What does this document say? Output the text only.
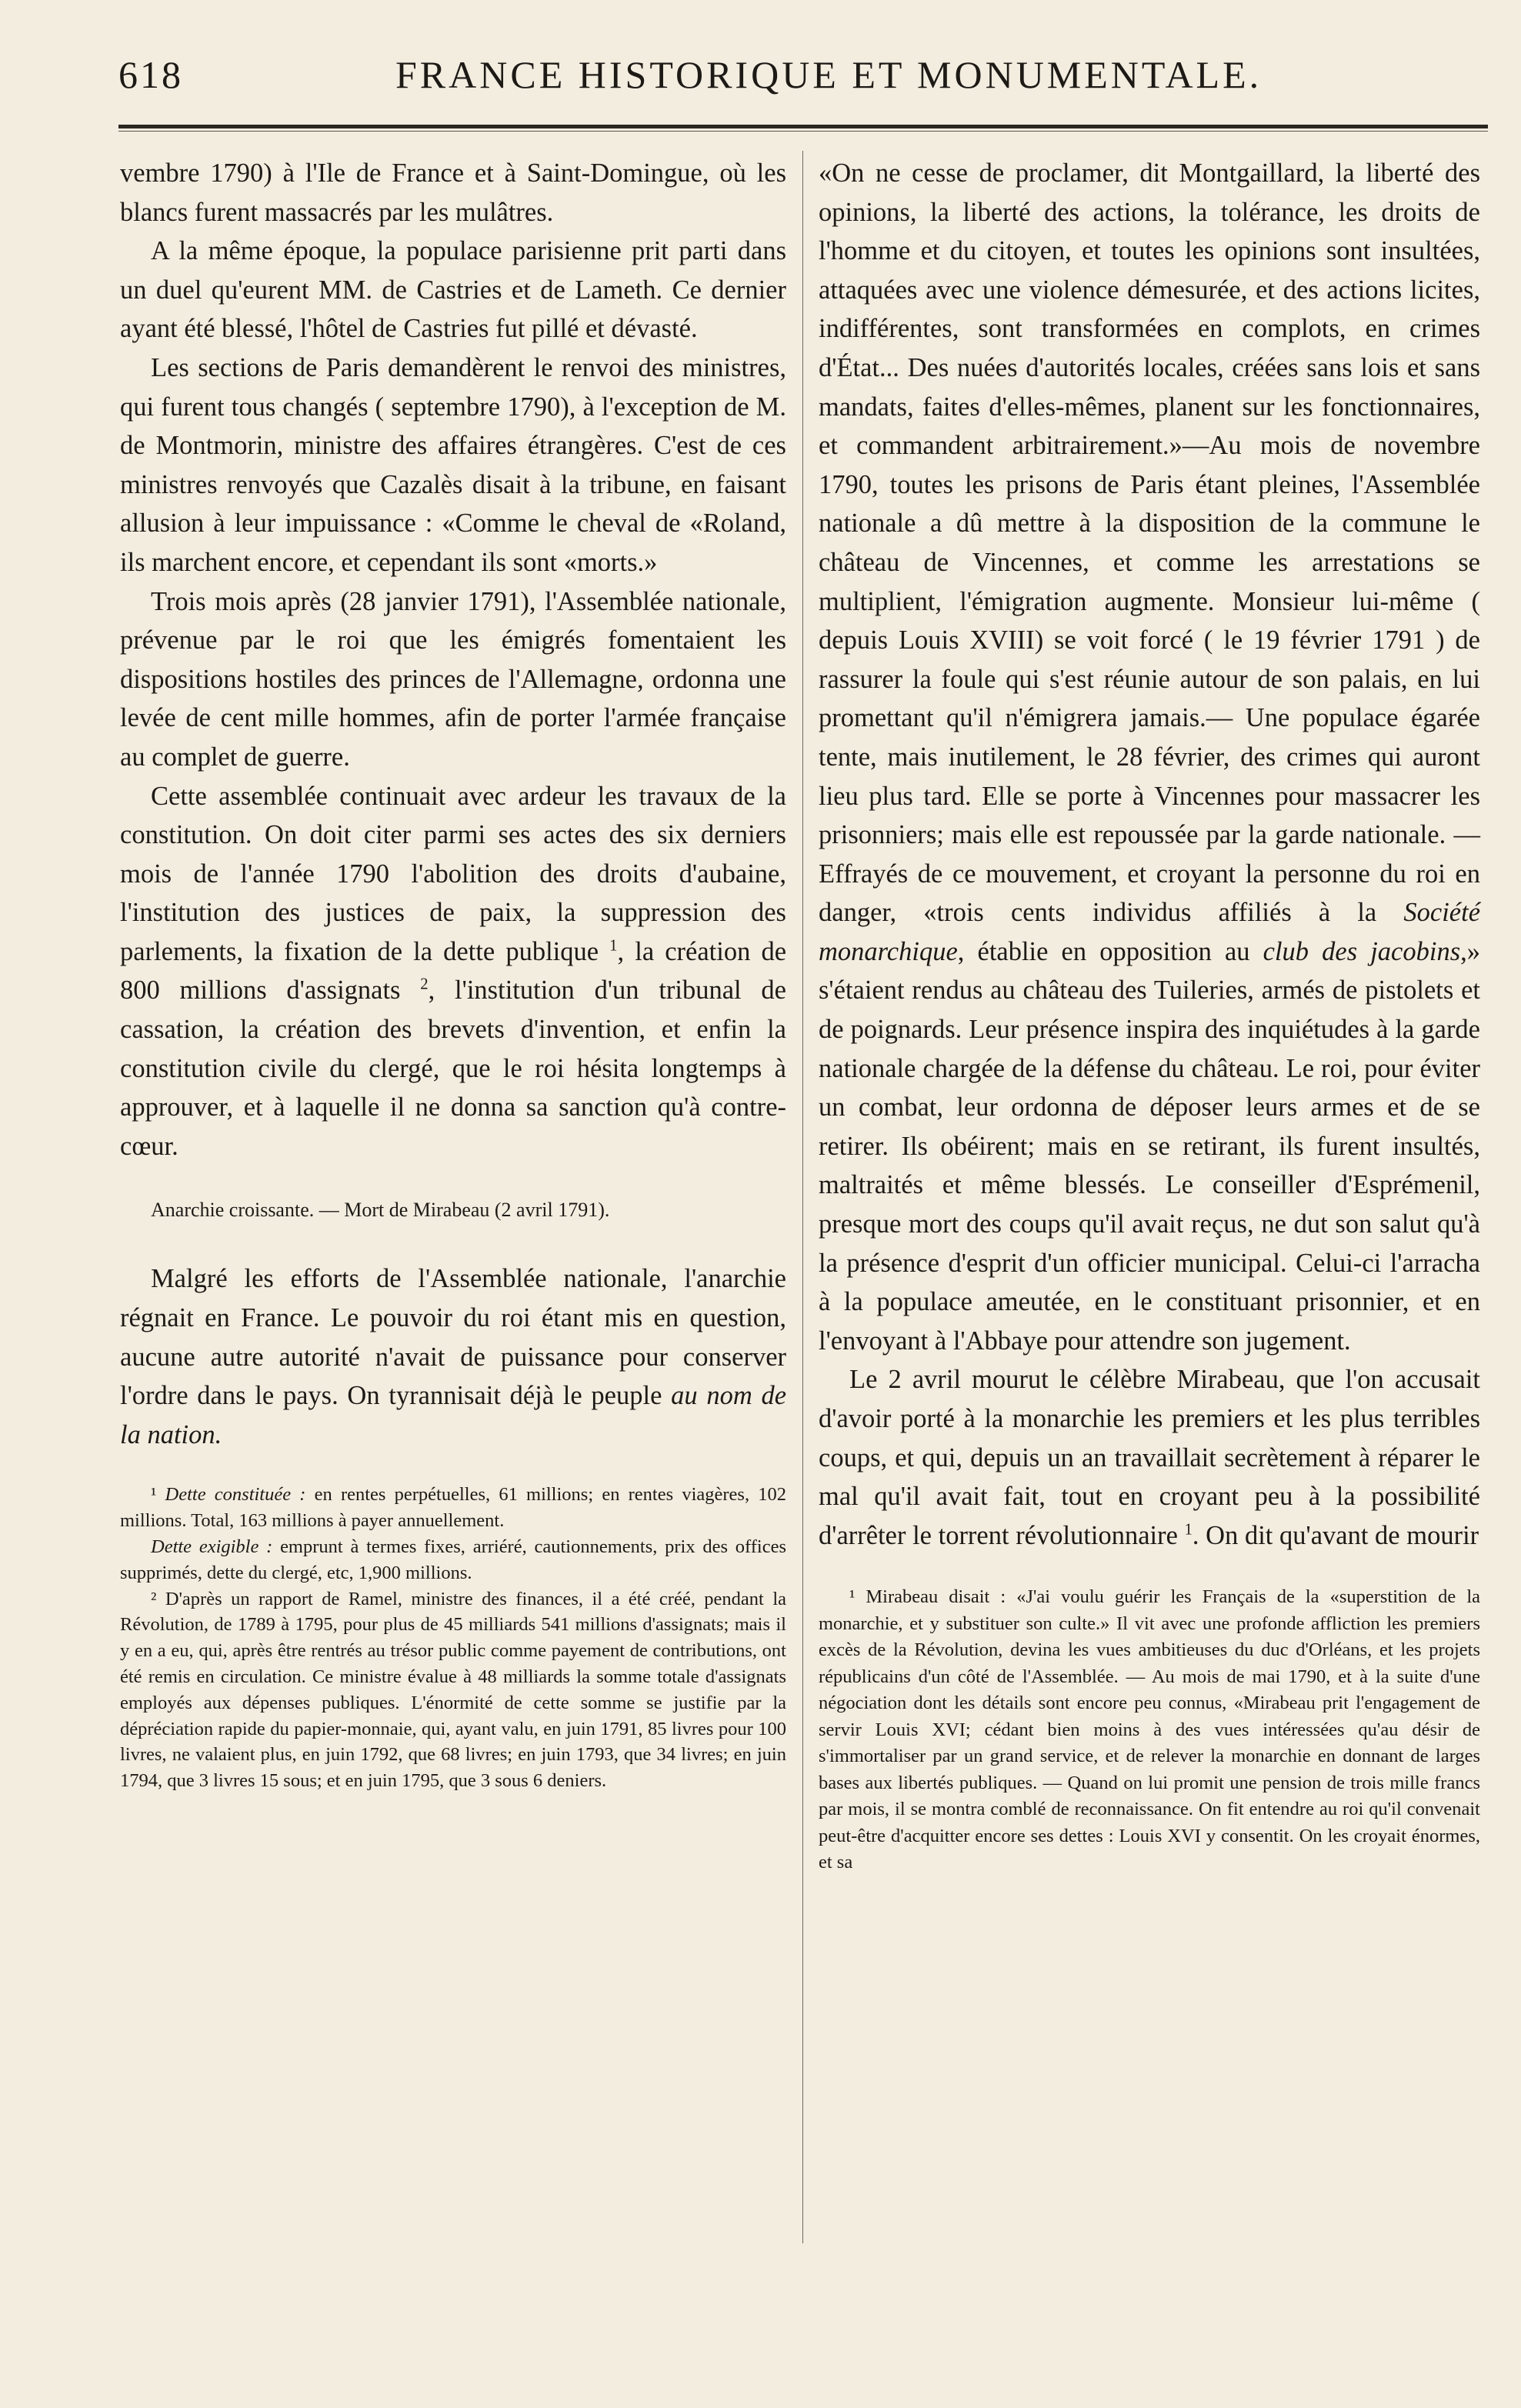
618	FRANCE HISTORIQUE ET MONUMENTALE.

vembre 1790) à l'Ile de France et à Saint-Domingue, où les blancs furent massacrés par les mulâtres.

A la même époque, la populace parisienne prit parti dans un duel qu'eurent MM. de Castries et de Lameth. Ce dernier ayant été blessé, l'hôtel de Castries fut pillé et dévasté.

Les sections de Paris demandèrent le renvoi des ministres, qui furent tous changés ( septembre 1790), à l'exception de M. de Montmorin, ministre des affaires étrangères. C'est de ces ministres renvoyés que Cazalès disait à la tribune, en faisant allusion à leur impuissance : «Comme le cheval de «Roland, ils marchent encore, et cependant ils sont «morts.»

Trois mois après (28 janvier 1791), l'Assemblée nationale, prévenue par le roi que les émigrés fomentaient les dispositions hostiles des princes de l'Allemagne, ordonna une levée de cent mille hommes, afin de porter l'armée française au complet de guerre.

Cette assemblée continuait avec ardeur les travaux de la constitution. On doit citer parmi ses actes des six derniers mois de l'année 1790 l'abolition des droits d'aubaine, l'institution des justices de paix, la suppression des parlements, la fixation de la dette publique $^1$, la création de 800 millions d'assignats $^2$, l'institution d'un tribunal de cassation, la création des brevets d'invention, et enfin la constitution civile du clergé, que le roi hésita longtemps à approuver, et à laquelle il ne donna sa sanction qu'à contre-cœur.

Anarchie croissante. — Mort de Mirabeau (2 avril 1791).

Malgré les efforts de l'Assemblée nationale, l'anarchie régnait en France. Le pouvoir du roi étant mis en question, aucune autre autorité n'avait de puissance pour conserver l'ordre dans le pays. On tyrannisait déjà le peuple au nom de la nation.

¹ Dette constituée : en rentes perpétuelles, 61 millions; en rentes viagères, 102 millions. Total, 163 millions à payer annuellement.

Dette exigible : emprunt à termes fixes, arriéré, cautionnements, prix des offices supprimés, dette du clergé, etc, 1,900 millions.

² D'après un rapport de Ramel, ministre des finances, il a été créé, pendant la Révolution, de 1789 à 1795, pour plus de 45 milliards 541 millions d'assignats; mais il y en a eu, qui, après être rentrés au trésor public comme payement de contributions, ont été remis en circulation. Ce ministre évalue à 48 milliards la somme totale d'assignats employés aux dépenses publiques. L'énormité de cette somme se justifie par la dépréciation rapide du papier-monnaie, qui, ayant valu, en juin 1791, 85 livres pour 100 livres, ne valaient plus, en juin 1792, que 68 livres; en juin 1793, que 34 livres; en juin 1794, que 3 livres 15 sous; et en juin 1795, que 3 sous 6 deniers.

«On ne cesse de proclamer, dit Montgaillard, la liberté des opinions, la liberté des actions, la tolérance, les droits de l'homme et du citoyen, et toutes les opinions sont insultées, attaquées avec une violence démesurée, et des actions licites, indifférentes, sont transformées en complots, en crimes d'État... Des nuées d'autorités locales, créées sans lois et sans mandats, faites d'elles-mêmes, planent sur les fonctionnaires, et commandent arbitrairement.»—Au mois de novembre 1790, toutes les prisons de Paris étant pleines, l'Assemblée nationale a dû mettre à la disposition de la commune le château de Vincennes, et comme les arrestations se multiplient, l'émigration augmente. Monsieur lui-même ( depuis Louis XVIII) se voit forcé ( le 19 février 1791 ) de rassurer la foule qui s'est réunie autour de son palais, en lui promettant qu'il n'émigrera jamais.— Une populace égarée tente, mais inutilement, le 28 février, des crimes qui auront lieu plus tard. Elle se porte à Vincennes pour massacrer les prisonniers; mais elle est repoussée par la garde nationale. — Effrayés de ce mouvement, et croyant la personne du roi en danger, «trois cents individus affiliés à la Société monarchique, établie en opposition au club des jacobins,» s'étaient rendus au château des Tuileries, armés de pistolets et de poignards. Leur présence inspira des inquiétudes à la garde nationale chargée de la défense du château. Le roi, pour éviter un combat, leur ordonna de déposer leurs armes et de se retirer. Ils obéirent; mais en se retirant, ils furent insultés, maltraités et même blessés. Le conseiller d'Esprémenil, presque mort des coups qu'il avait reçus, ne dut son salut qu'à la présence d'esprit d'un officier municipal. Celui-ci l'arracha à la populace ameutée, en le constituant prisonnier, et en l'envoyant à l'Abbaye pour attendre son jugement.

Le 2 avril mourut le célèbre Mirabeau, que l'on accusait d'avoir porté à la monarchie les premiers et les plus terribles coups, et qui, depuis un an travaillait secrètement à réparer le mal qu'il avait fait, tout en croyant peu à la possibilité d'arrêter le torrent révolutionnaire $^1$. On dit qu'avant de mourir

¹ Mirabeau disait : «J'ai voulu guérir les Français de la «superstition de la monarchie, et y substituer son culte.» Il vit avec une profonde affliction les premiers excès de la Révolution, devina les vues ambitieuses du duc d'Orléans, et les projets républicains d'un côté de l'Assemblée. — Au mois de mai 1790, et à la suite d'une négociation dont les détails sont encore peu connus, «Mirabeau prit l'engagement de servir Louis XVI; cédant bien moins à des vues intéressées qu'au désir de s'immortaliser par un grand service, et de relever la monarchie en donnant de larges bases aux libertés publiques. — Quand on lui promit une pension de trois mille francs par mois, il se montra comblé de reconnaissance. On fit entendre au roi qu'il convenait peut-être d'acquitter encore ses dettes : Louis XVI y consentit. On les croyait énormes, et sa
